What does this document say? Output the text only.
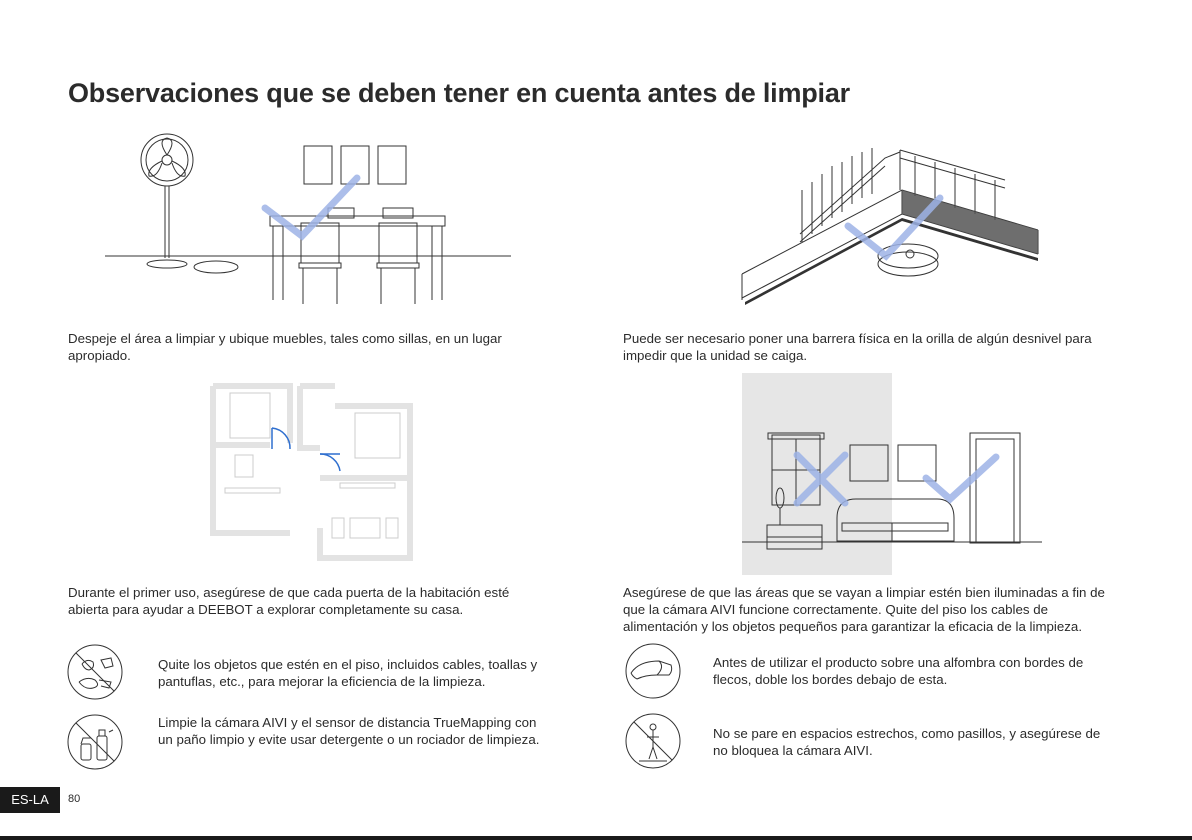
Observaciones que se deben tener en cuenta antes de limpiar

Despeje el área a limpiar y ubique muebles, tales como sillas, en un lugar apropiado.

Puede ser necesario poner una barrera física en la orilla de algún desnivel para impedir que la unidad se caiga.

Durante el primer uso, asegúrese de que cada puerta de la habitación esté abierta para ayudar a DEEBOT a explorar completamente su casa.

Asegúrese de que las áreas que se vayan a limpiar estén bien iluminadas a fin de que la cámara AIVI funcione correctamente. Quite del piso los cables de alimentación y los objetos pequeños para garantizar la eficacia de la limpieza.

Quite los objetos que estén en el piso, incluidos cables, toallas y pantuflas, etc., para mejorar la eficiencia de la limpieza.

Limpie la cámara AIVI y el sensor de distancia TrueMapping con un paño limpio y evite usar detergente o un rociador de limpieza.

Antes de utilizar el producto sobre una alfombra con bordes de flecos, doble los bordes debajo de esta.

No se pare en espacios estrechos, como pasillos, y asegúrese de no bloquea la cámara AIVI.

ES-LA	80
